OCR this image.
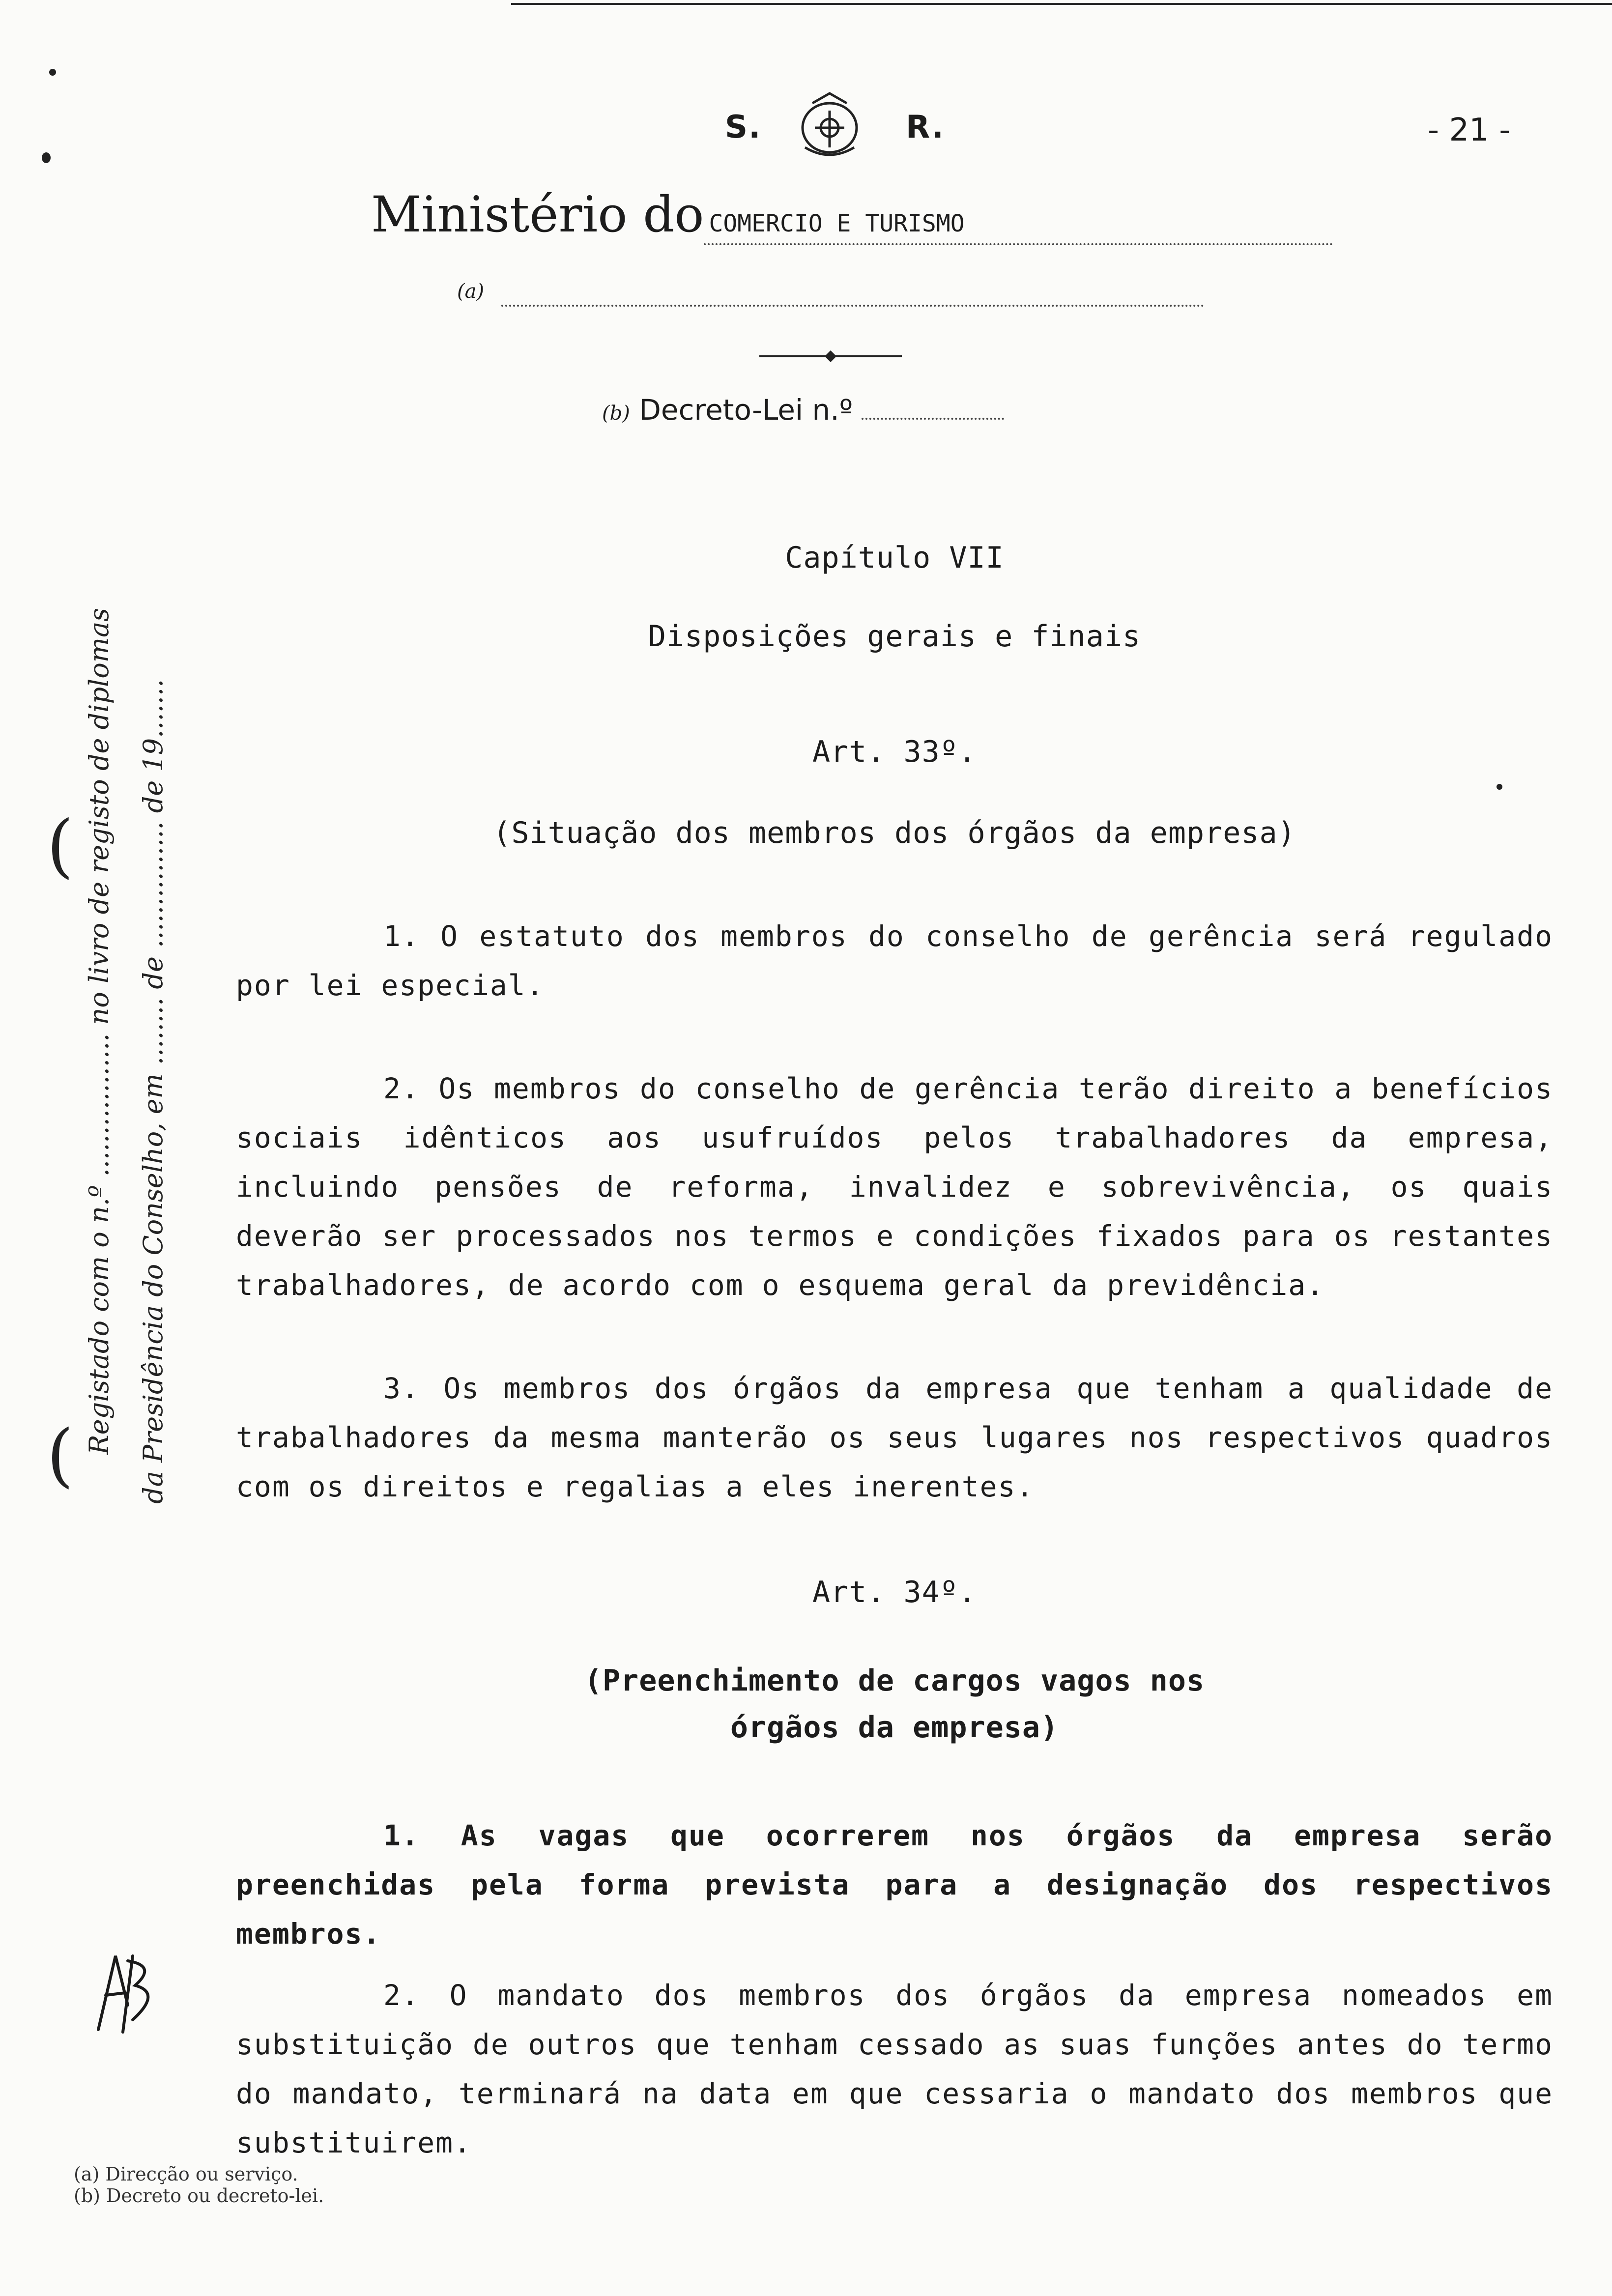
S.	R.	- 21 -
Ministério do COMERCIO E TURISMO
(a)
(b) Decreto-Lei n.º
Registado com o n.º ................. no livro de registo de diplomas da Presidência do Conselho, em ........ de ............... de 19.......
(
(
Capítulo VII
Disposições gerais e finais
Art. 33º.
(Situação dos membros dos órgãos da empresa)

1. O estatuto dos membros do conselho de gerência será regulado por lei especial.

2. Os membros do conselho de gerência terão direito a benefícios sociais idênticos aos usufruídos pelos trabalhadores da empresa, incluindo pensões de reforma, invalidez e sobrevivência, os quais deverão ser processados nos termos e condições fixados para os restantes trabalhadores, de acordo com o esquema geral da previdência.

3. Os membros dos órgãos da empresa que tenham a qualidade de trabalhadores da mesma manterão os seus lugares nos respectivos quadros com os direitos e regalias a eles inerentes.

Art. 34º.
(Preenchimento de cargos vagos nos
órgãos da empresa)

1. As vagas que ocorrerem nos órgãos da empresa serão preenchidas pela forma prevista para a designação dos respectivos membros.

2. O mandato dos membros dos órgãos da empresa nomeados em substituição de outros que tenham cessado as suas funções antes do termo do mandato, terminará na data em que cessaria o mandato dos membros que substituirem.

(a) Direcção ou serviço.
(b) Decreto ou decreto-lei.
